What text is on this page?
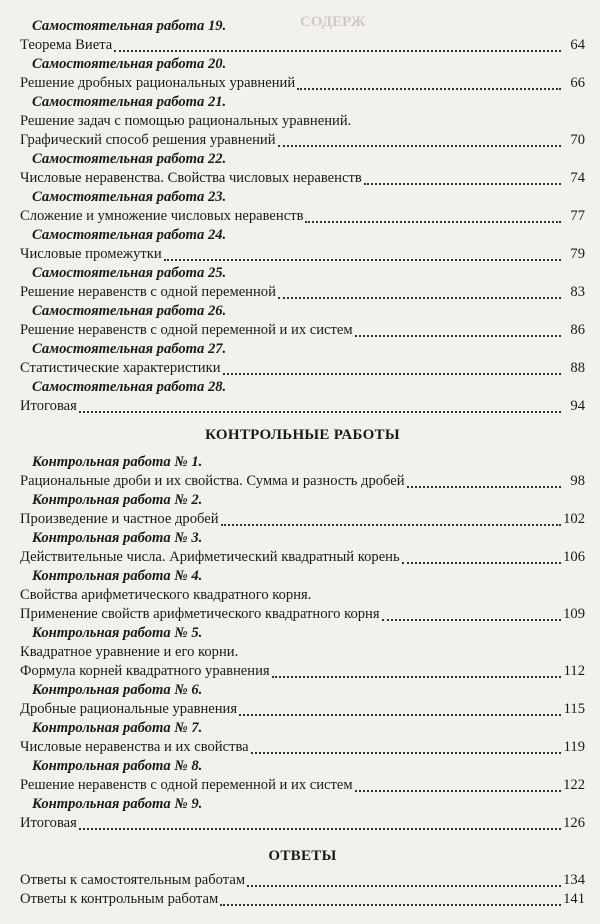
СОДЕРЖ
Самостоятельная работа 19.
Теорема Виета	64
Самостоятельная работа 20.
Решение дробных рациональных уравнений	66
Самостоятельная работа 21.
Решение задач с помощью рациональных уравнений.
Графический способ решения уравнений	70
Самостоятельная работа 22.
Числовые неравенства. Свойства числовых неравенств	74
Самостоятельная работа 23.
Сложение и умножение числовых неравенств	77
Самостоятельная работа 24.
Числовые промежутки	79
Самостоятельная работа 25.
Решение неравенств с одной переменной	83
Самостоятельная работа 26.
Решение неравенств с одной переменной и их систем	86
Самостоятельная работа 27.
Статистические характеристики	88
Самостоятельная работа 28.
Итоговая	94
КОНТРОЛЬНЫЕ РАБОТЫ
Контрольная работа № 1.
Рациональные дроби и их свойства. Сумма и разность дробей	98
Контрольная работа № 2.
Произведение и частное дробей	102
Контрольная работа № 3.
Действительные числа. Арифметический квадратный корень	106
Контрольная работа № 4.
Свойства арифметического квадратного корня.
Применение свойств арифметического квадратного корня	109
Контрольная работа № 5.
Квадратное уравнение и его корни.
Формула корней квадратного уравнения	112
Контрольная работа № 6.
Дробные рациональные уравнения	115
Контрольная работа № 7.
Числовые неравенства и их свойства	119
Контрольная работа № 8.
Решение неравенств с одной переменной и их систем	122
Контрольная работа № 9.
Итоговая	126
ОТВЕТЫ
Ответы к самостоятельным работам	134
Ответы к контрольным работам	141
